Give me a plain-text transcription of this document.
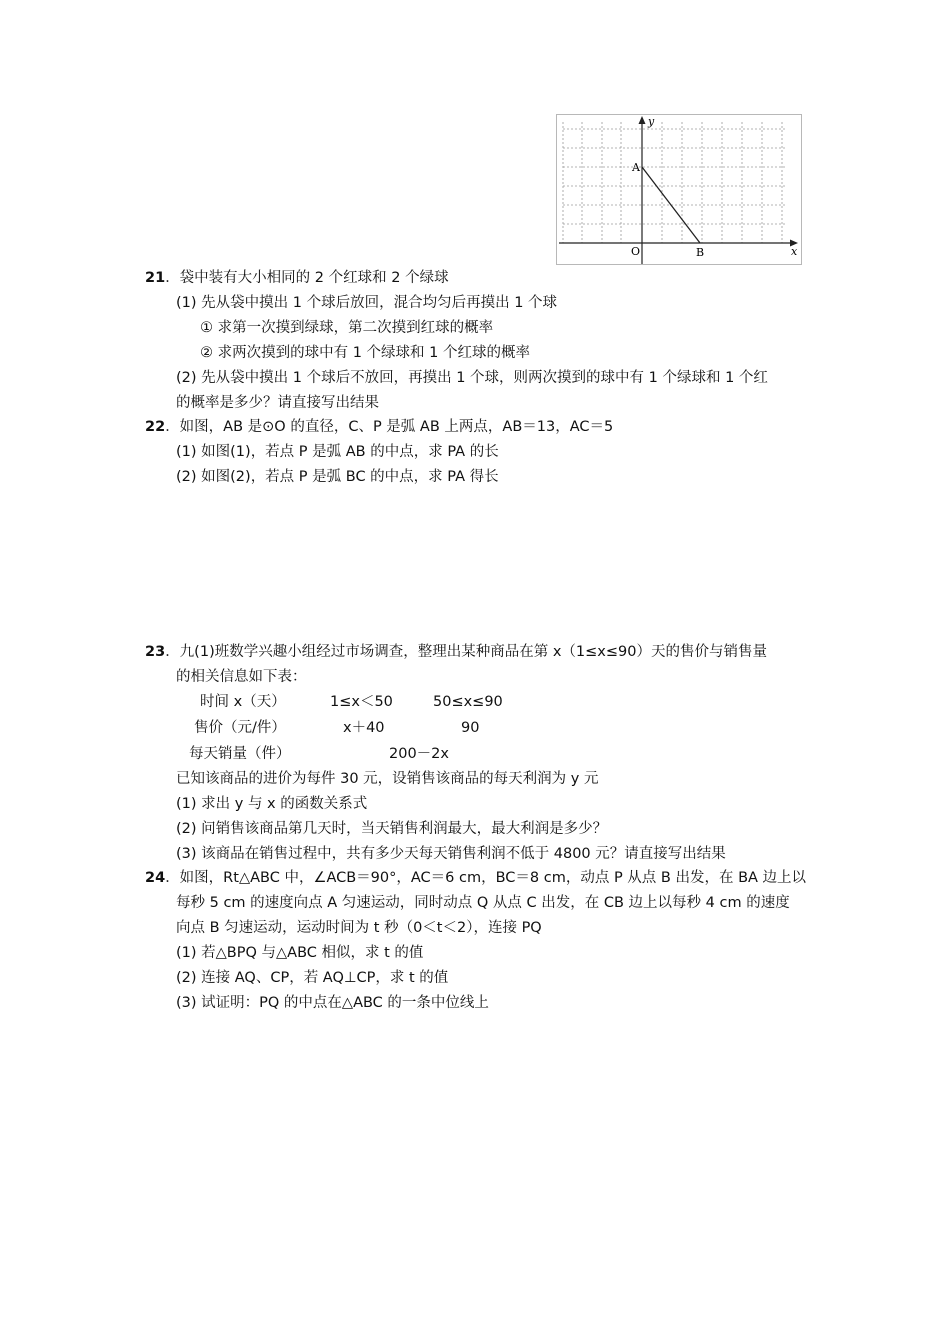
y
x
A
O	B
21．袋中装有大小相同的 2 个红球和 2 个绿球
(1) 先从袋中摸出 1 个球后放回，混合均匀后再摸出 1 个球
① 求第一次摸到绿球，第二次摸到红球的概率
② 求两次摸到的球中有 1 个绿球和 1 个红球的概率
(2) 先从袋中摸出 1 个球后不放回，再摸出 1 个球，则两次摸到的球中有 1 个绿球和 1 个红
的概率是多少？请直接写出结果
22．如图，AB 是⊙O 的直径，C、P 是弧 AB 上两点，AB＝13，AC＝5
(1) 如图(1)，若点 P 是弧 AB 的中点，求 PA 的长
(2) 如图(2)，若点 P 是弧 BC 的中点，求 PA 得长
23．九(1)班数学兴趣小组经过市场调查，整理出某种商品在第 x（1≤x≤90）天的售价与销售量
的相关信息如下表：
时间 x（天）	1≤x＜50	50≤x≤90
售价（元/件）	x＋40	90
每天销量（件）	200－2x
已知该商品的进价为每件 30 元，设销售该商品的每天利润为 y 元
(1) 求出 y 与 x 的函数关系式
(2) 问销售该商品第几天时，当天销售利润最大，最大利润是多少？
(3) 该商品在销售过程中，共有多少天每天销售利润不低于 4800 元？请直接写出结果
24．如图，Rt△ABC 中，∠ACB＝90°，AC＝6 cm，BC＝8 cm，动点 P 从点 B 出发，在 BA 边上以
每秒 5 cm 的速度向点 A 匀速运动，同时动点 Q 从点 C 出发，在 CB 边上以每秒 4 cm 的速度
向点 B 匀速运动，运动时间为 t 秒（0＜t＜2），连接 PQ
(1) 若△BPQ 与△ABC 相似，求 t 的值
(2) 连接 AQ、CP，若 AQ⊥CP，求 t 的值
(3) 试证明：PQ 的中点在△ABC 的一条中位线上
